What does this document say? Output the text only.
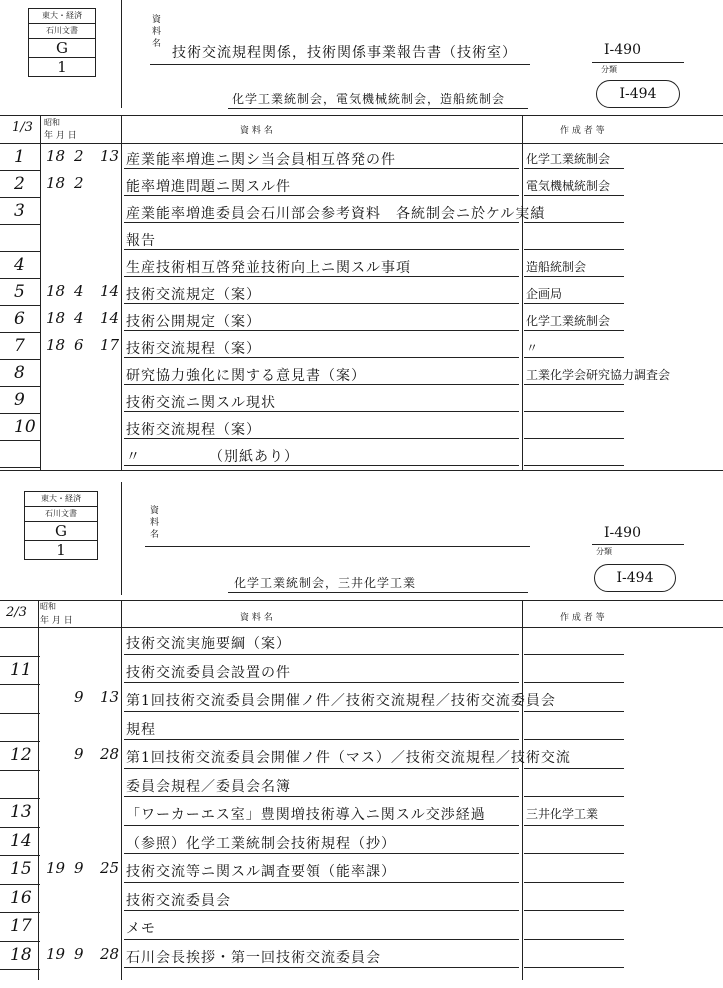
東大・経済
石川文書
G
1
資料名
技術交流規程関係，技術関係事業報告書（技術室）	Ⅰ-490
分類
Ⅰ-494
化学工業統制会，電気機械統制会，造船統制会
1/3 昭和
年 月 日	資 料 名	作 成 者 等
1 18 2 13 産業能率増進ニ関シ当会員相互啓発の件	化学工業統制会
2 18 2	能率増進問題ニ関スル件	電気機械統制会
3	産業能率増進委員会石川部会参考資料　各統制会ニ於ケル実績
報告
4	生産技術相互啓発並技術向上ニ関スル事項	造船統制会
5 18 4 14 技術交流規定（案）	企画局
6 18 4 14 技術公開規定（案）	化学工業統制会
7 18 6 17 技術交流規程（案）	〃
8	研究協力強化に関する意見書（案）	工業化学会研究協力調査会
9	技術交流ニ関スル現状
10	技術交流規程（案）
〃　　　　　（別紙あり）
東大・経済
石川文書
G
1
資料名	Ⅰ-490
分類
Ⅰ-494
化学工業統制会，三井化学工業
2/3 昭和
年 月 日	資 料 名	作 成 者 等
技術交流実施要綱（案）
11	技術交流委員会設置の件
9 13 第1回技術交流委員会開催ノ件／技術交流規程／技術交流委員会
規程
12	9 28 第1回技術交流委員会開催ノ件（マス）／技術交流規程／技術交流
委員会規程／委員会名簿
13	「ワーカーエス室」豊関増技術導入ニ関スル交渉経過	三井化学工業
14	（参照）化学工業統制会技術規程（抄）
15 19 9 25 技術交流等ニ関スル調査要領（能率課）
16	技術交流委員会
17	メモ
18 19 9 28 石川会長挨拶・第一回技術交流委員会
